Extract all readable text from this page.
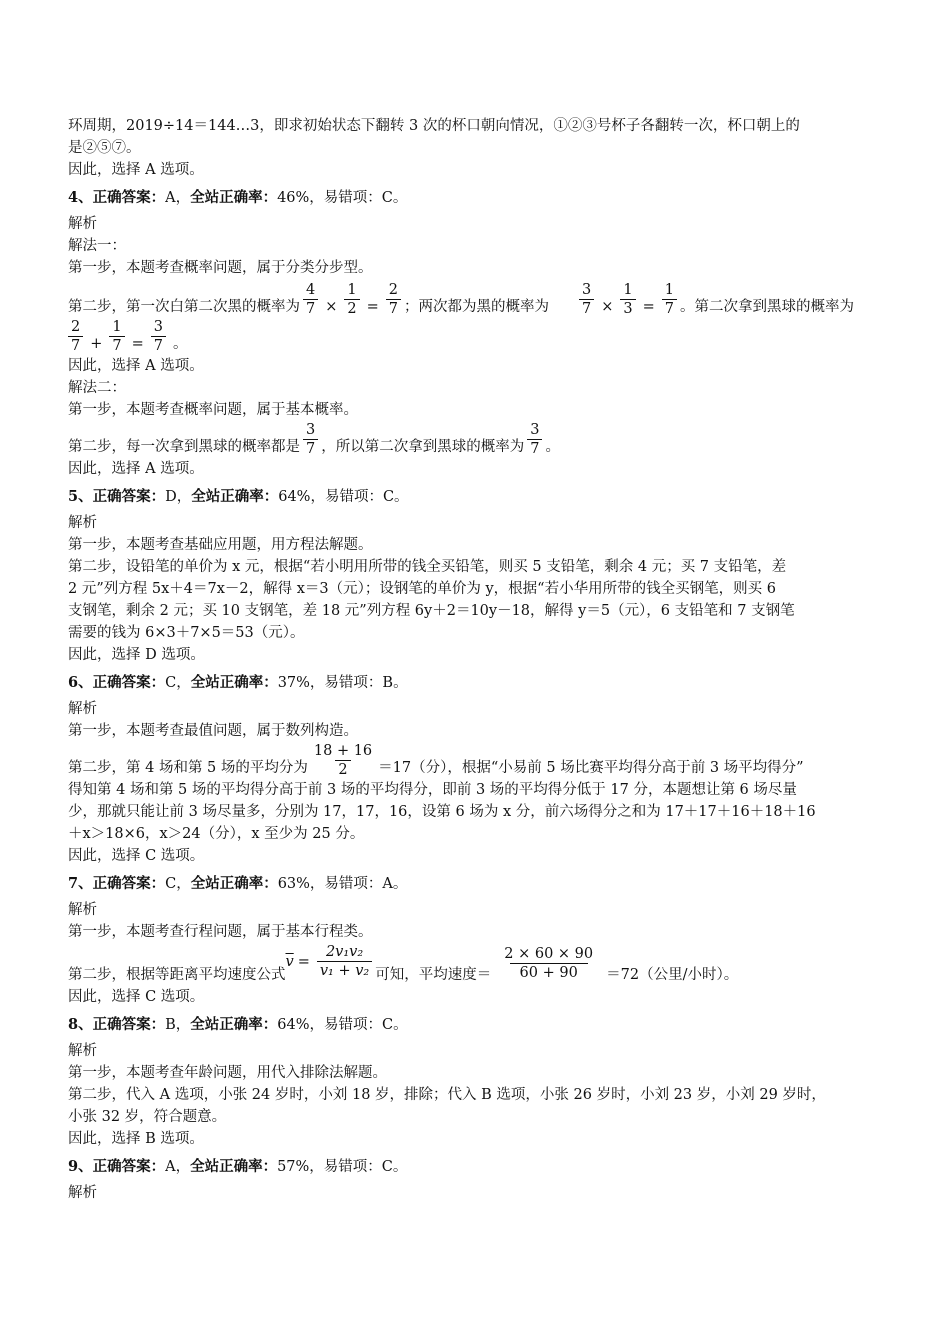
环周期，2019÷14＝144…3，即求初始状态下翻转 3 次的杯口朝向情况，①②③号杯子各翻转一次，杯口朝上的
是②⑤⑦。
因此，选择 A 选项。
4、正确答案：A，全站正确率：46%，易错项：C。
解析
解法一：
第一步，本题考查概率问题，属于分类分步型。
第二步，第一次白第二次黑的概率为 $\frac{4}{7} \times \frac{1}{2} = \frac{2}{7}$ ；两次都为黑的概率为 $\frac{3}{7} \times \frac{1}{3} = \frac{1}{7}$ 。第二次拿到黑球的概率为
$\frac{2}{7} + \frac{1}{7} = \frac{3}{7}$ 。
因此，选择 A 选项。
解法二：
第一步，本题考查概率问题，属于基本概率。
第二步，每一次拿到黑球的概率都是 $\frac{3}{7}$ ，所以第二次拿到黑球的概率为 $\frac{3}{7}$ 。
因此，选择 A 选项。
5、正确答案：D，全站正确率：64%，易错项：C。
解析
第一步，本题考查基础应用题，用方程法解题。
第二步，设铅笔的单价为 x 元，根据“若小明用所带的钱全买铅笔，则买 5 支铅笔，剩余 4 元；买 7 支铅笔，差
2 元”列方程 5x＋4＝7x－2，解得 x＝3（元）；设钢笔的单价为 y，根据“若小华用所带的钱全买钢笔，则买 6
支钢笔，剩余 2 元；买 10 支钢笔，差 18 元”列方程 6y＋2＝10y－18，解得 y＝5（元），6 支铅笔和 7 支钢笔
需要的钱为 6×3＋7×5＝53（元）。
因此，选择 D 选项。
6、正确答案：C，全站正确率：37%，易错项：B。
解析
第一步，本题考查最值问题，属于数列构造。
第二步，第 4 场和第 5 场的平均分为 $\frac{18 + 16}{2} =17$（分），根据“小易前 5 场比赛平均得分高于前 3 场平均得分”
得知第 4 场和第 5 场的平均得分高于前 3 场的平均得分，即前 3 场的平均得分低于 17 分，本题想让第 6 场尽量
少，那就只能让前 3 场尽量多，分别为 17，17，16，设第 6 场为 x 分，前六场得分之和为 17＋17＋16＋18＋16
＋x＞18×6，x＞24（分），x 至少为 25 分。
因此，选择 C 选项。
7、正确答案：C，全站正确率：63%，易错项：A。
解析
第一步，本题考查行程问题，属于基本行程类。
第二步，根据等距离平均速度公式
$\overline{v} = \frac{\text{2v₁v₂}}{\text{v₁ + v₂}}$ 可知，平均速度＝ $\frac{2 \times 60 \times 90}{60 + 90} =72$（公里/小时）。
因此，选择 C 选项。
8、正确答案：B，全站正确率：64%，易错项：C。
解析
第一步，本题考查年龄问题，用代入排除法解题。
第二步，代入 A 选项，小张 24 岁时，小刘 18 岁，排除；代入 B 选项，小张 26 岁时，小刘 23 岁，小刘 29 岁时，
小张 32 岁，符合题意。
因此，选择 B 选项。
9、正确答案：A，全站正确率：57%，易错项：C。
解析
